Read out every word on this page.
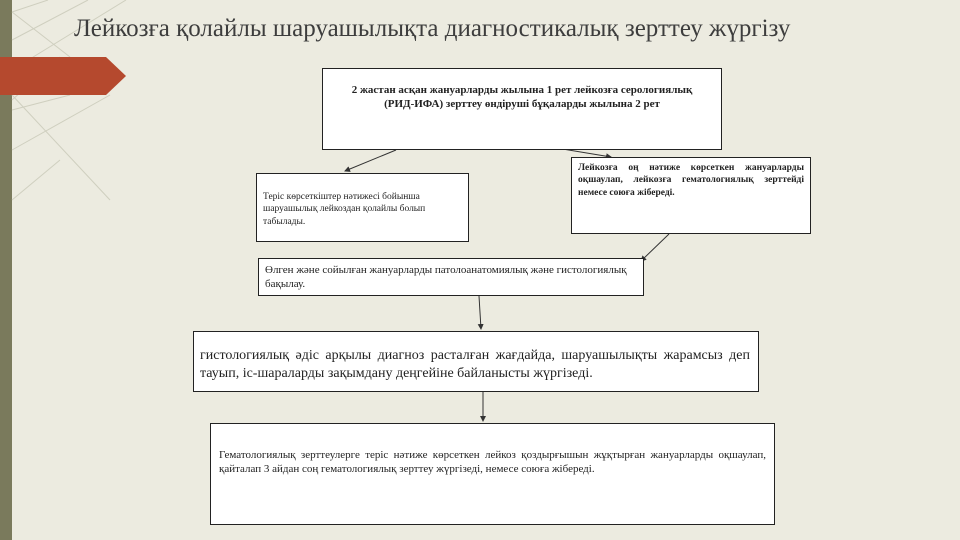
Лейкозға қолайлы шаруашылықта диагностикалық зерттеу жүргізу
2 жастан асқан жануарларды жылына 1 рет лейкозға серологиялық (РИД-ИФА) зерттеу өндіруші бұқаларды жылына 2 рет
Теріс көрсеткіштер нәтижесі бойынша шаруашылық лейкоздан қолайлы болып табылады.
Лейкозға оң нәтиже көрсеткен жануарларды оқшаулап, лейкозға гематологиялық зерттейді немесе союға жібереді.
Өлген және сойылған жануарларды патолоанатомиялық және гистологиялық бақылау.
гистологиялық әдіс арқылы диагноз расталған жағдайда, шаруашылықты жарамсыз деп тауып, іс-шараларды зақымдану деңгейіне байланысты жүргізеді.
Гематологиялық зерттеулерге теріс нәтиже көрсеткен лейкоз қоздырғышын жұқтырған жануарларды оқшаулап, қайталап 3 айдан соң гематологиялық зерттеу жүргізеді, немесе союға жібереді.
